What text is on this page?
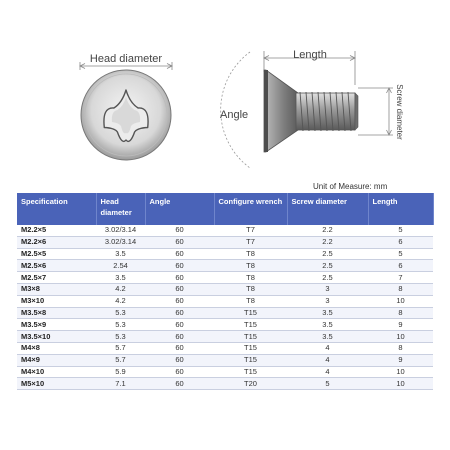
Head diameter	Length
Angle	Screw diameter
Unit of Measure: mm
Specification	Head diameter	Angle	Configure wrench	Screw diameter	Length
M2.2×5	3.02/3.14	60	T7	2.2	5
M2.2×6	3.02/3.14	60	T7	2.2	6
M2.5×5	3.5	60	T8	2.5	5
M2.5×6	2.54	60	T8	2.5	6
M2.5×7	3.5	60	T8	2.5	7
M3×8	4.2	60	T8	3	8
M3×10	4.2	60	T8	3	10
M3.5×8	5.3	60	T15	3.5	8
M3.5×9	5.3	60	T15	3.5	9
M3.5×10	5.3	60	T15	3.5	10
M4×8	5.7	60	T15	4	8
M4×9	5.7	60	T15	4	9
M4×10	5.9	60	T15	4	10
M5×10	7.1	60	T20	5	10
